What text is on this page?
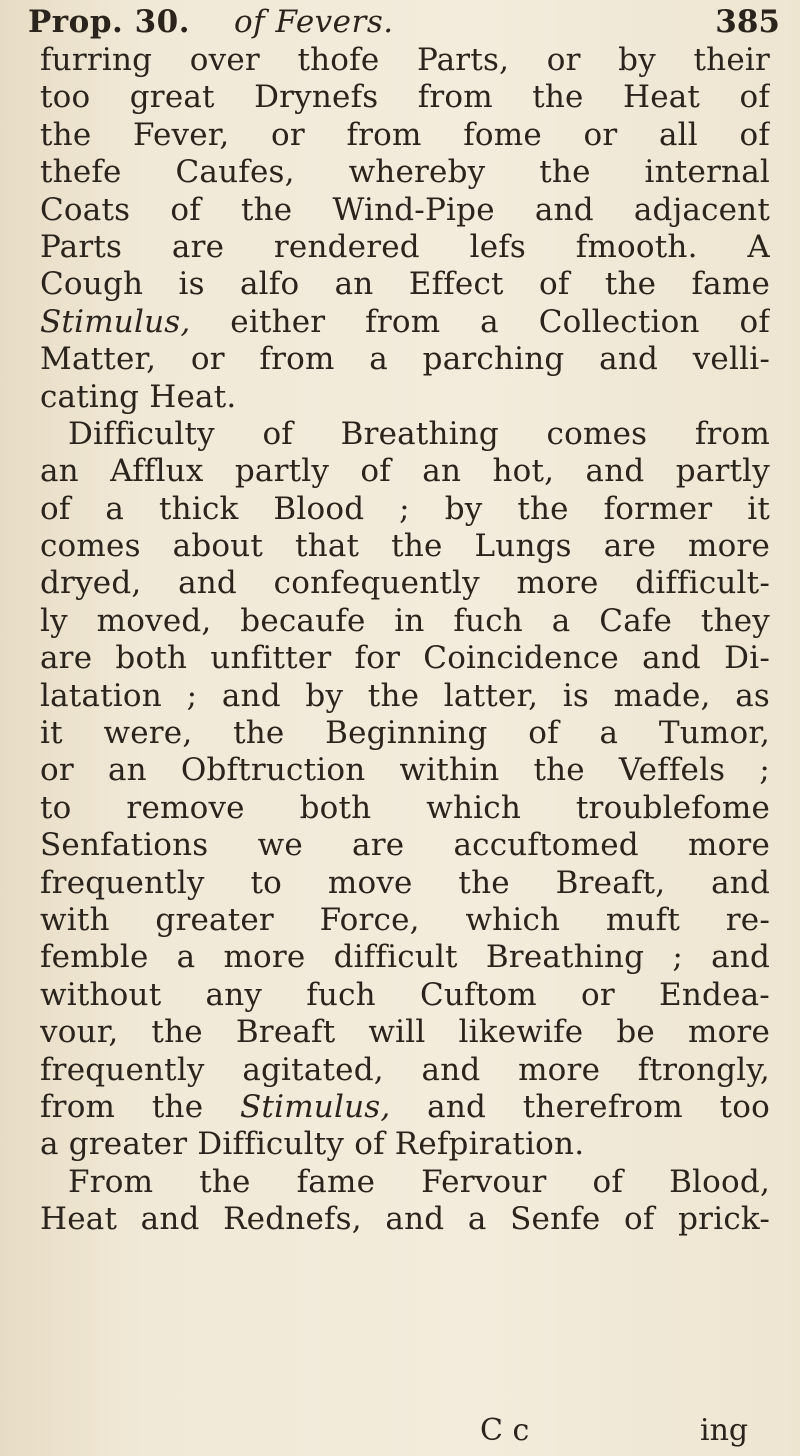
Prop. 30. of Fevers.	385
furring over thofe Parts, or by their
too great Drynefs from the Heat of
the Fever, or from fome or all of
thefe Caufes, whereby the internal
Coats of the Wind-Pipe and adjacent
Parts are rendered lefs fmooth. A
Cough is alfo an Effect of the fame
Stimulus, either from a Collection of
Matter, or from a parching and velli-
cating Heat.
Difficulty of Breathing comes from
an Afflux partly of an hot, and partly
of a thick Blood ; by the former it
comes about that the Lungs are more
dryed, and confequently more difficult-
ly moved, becaufe in fuch a Cafe they
are both unfitter for Coincidence and Di-
latation ; and by the latter, is made, as
it were, the Beginning of a Tumor,
or an Obftruction within the Veffels ;
to remove both which troublefome
Senfations we are accuftomed more
frequently to move the Breaft, and
with greater Force, which muft re-
femble a more difficult Breathing ; and
without any fuch Cuftom or Endea-
vour, the Breaft will likewife be more
frequently agitated, and more ftrongly,
from the Stimulus, and therefrom too
a greater Difficulty of Refpiration.
From the fame Fervour of Blood,
Heat and Rednefs, and a Senfe of prick-
C c	ing
